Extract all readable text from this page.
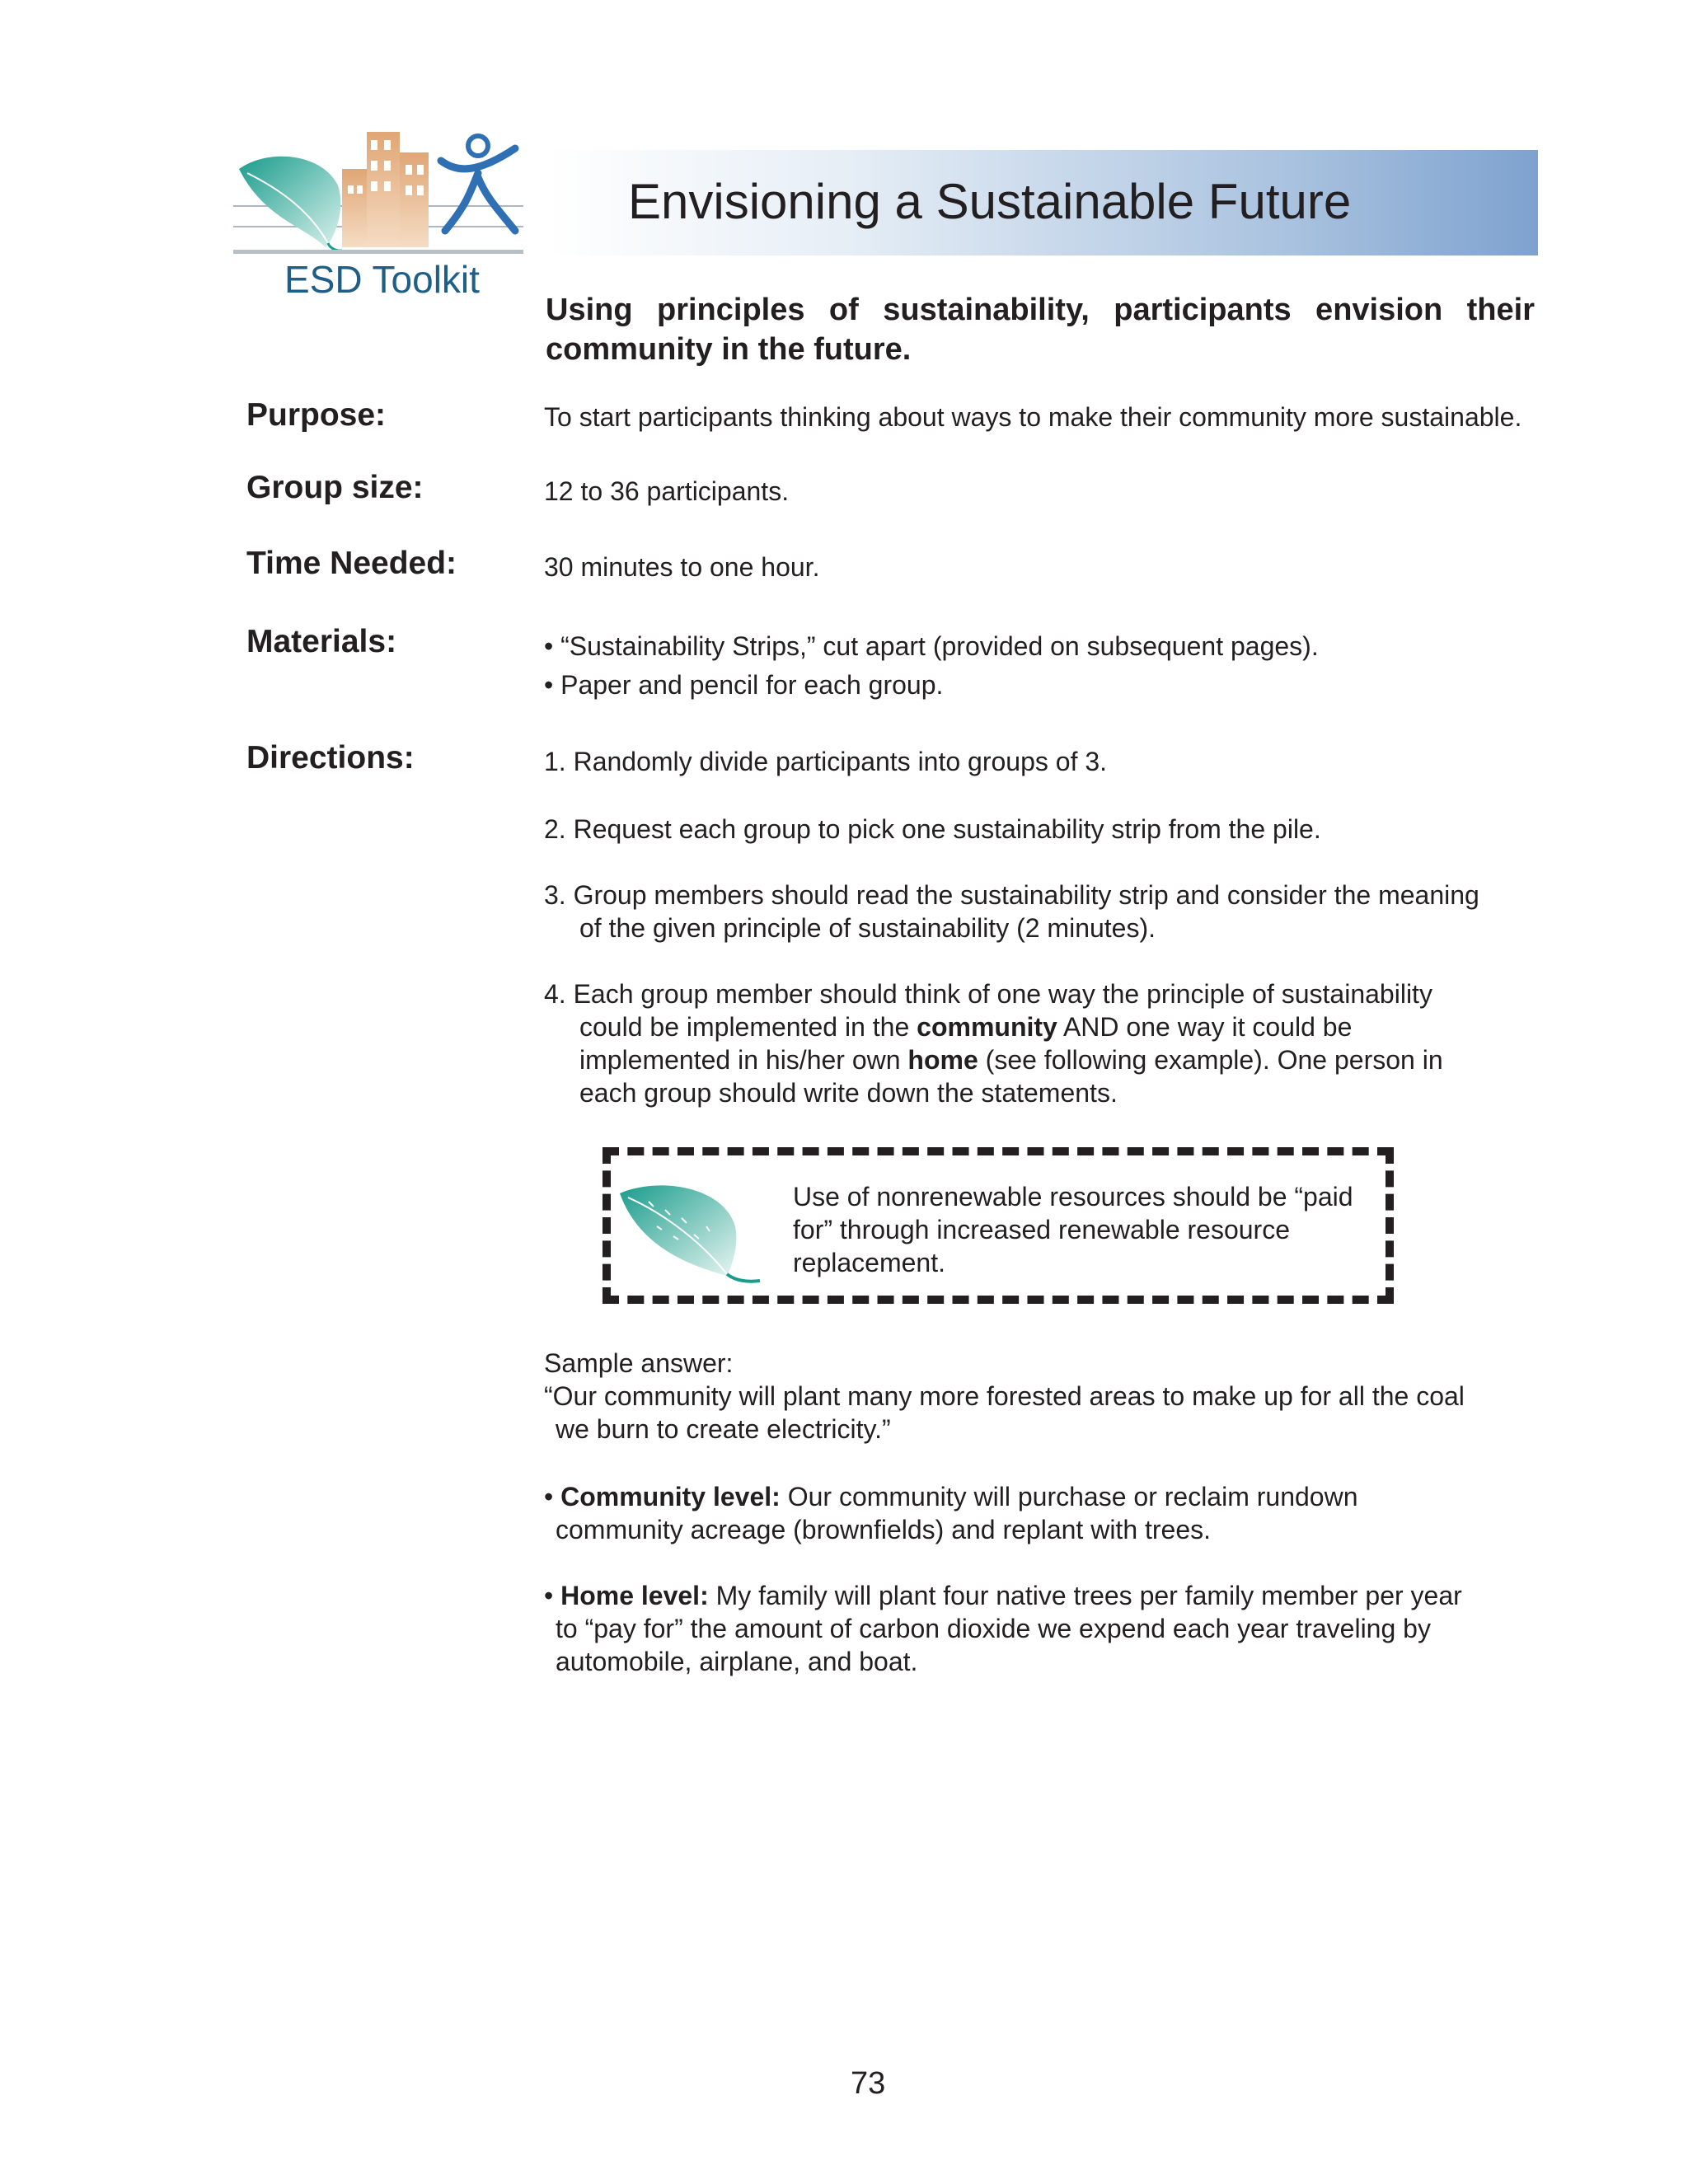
ESD Toolkit
Envisioning a Sustainable Future
Using principles of sustainability, participants envision their community in the future.
Purpose:	To start participants thinking about ways to make their community more sustainable.
Group size:	12 to 36 participants.
Time Needed:	30 minutes to one hour.
Materials:	• “Sustainability Strips,” cut apart (provided on subsequent pages).
• Paper and pencil for each group.
Directions:	1. Randomly divide participants into groups of 3.
2. Request each group to pick one sustainability strip from the pile.
3. Group members should read the sustainability strip and consider the meaning
of the given principle of sustainability (2 minutes).
4. Each group member should think of one way the principle of sustainability
could be implemented in the community AND one way it could be
implemented in his/her own home (see following example). One person in
each group should write down the statements.
Use of nonrenewable resources should be “paid
for” through increased renewable resource
replacement.
Sample answer:
“Our community will plant many more forested areas to make up for all the coal
we burn to create electricity.”
• Community level: Our community will purchase or reclaim rundown
community acreage (brownfields) and replant with trees.
• Home level: My family will plant four native trees per family member per year
to “pay for” the amount of carbon dioxide we expend each year traveling by
automobile, airplane, and boat.
73
